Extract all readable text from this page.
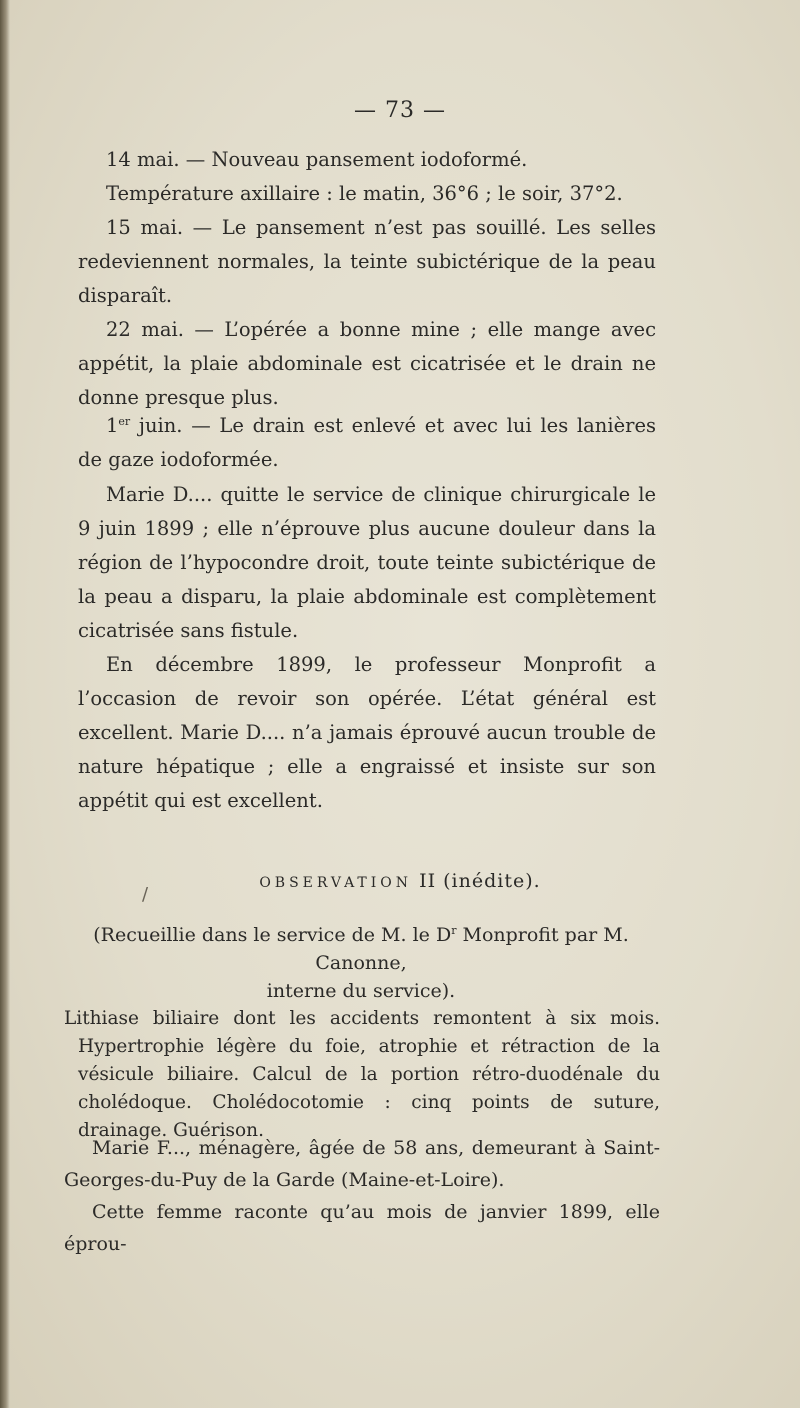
— 73 —
14 mai. — Nouveau pansement iodoformé.
Température axillaire : le matin, 36°6 ; le soir, 37°2.
15 mai. — Le pansement n’est pas souillé. Les selles redeviennent normales, la teinte subictérique de la peau disparaît.
22 mai. — L’opérée a bonne mine ; elle mange avec appétit, la plaie abdominale est cicatrisée et le drain ne donne presque plus.
1er juin. — Le drain est enlevé et avec lui les lanières de gaze iodoformée.
Marie D.... quitte le service de clinique chirurgicale le 9 juin 1899 ; elle n’éprouve plus aucune douleur dans la région de l’hypocondre droit, toute teinte subictérique de la peau a disparu, la plaie abdominale est complètement cicatrisée sans fistule.
En décembre 1899, le professeur Monprofit a l’occasion de revoir son opérée. L’état général est excellent. Marie D.... n’a jamais éprouvé aucun trouble de nature hépatique ; elle a engraissé et insiste sur son appétit qui est excellent.
/
OBSERVATION II (inédite).
(Recueillie dans le service de M. le $D^r$ Monprofit par M. Canonne,
interne du service).
Lithiase biliaire dont les accidents remontent à six mois. Hypertrophie légère du foie, atrophie et rétraction de la vésicule biliaire. Calcul de la portion rétro-duodénale du cholédoque. Cholédocotomie : cinq points de suture, drainage. Guérison.
Marie F..., ménagère, âgée de 58 ans, demeurant à Saint-Georges-du-Puy de la Garde (Maine-et-Loire).
Cette femme raconte qu’au mois de janvier 1899, elle éprou-
